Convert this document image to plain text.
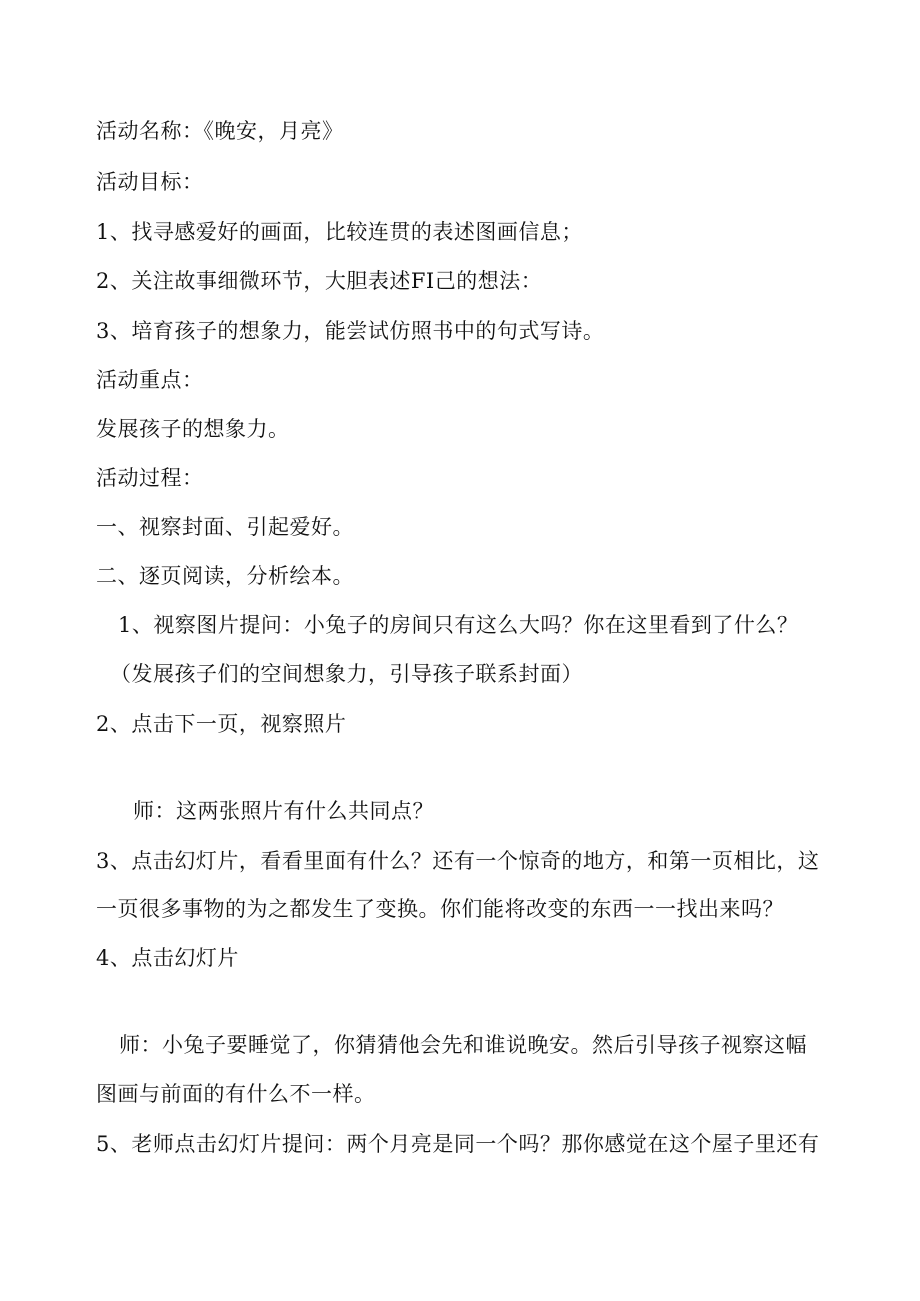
活动名称：《晚安，月亮》
活动目标：
1、找寻感爱好的画面，比较连贯的表述图画信息；
2、关注故事细微环节，大胆表述FI己的想法：
3、培育孩子的想象力，能尝试仿照书中的句式写诗。
活动重点：
发展孩子的想象力。
活动过程：
一、视察封面、引起爱好。
二、逐页阅读，分析绘本。
1、视察图片提问：小兔子的房间只有这么大吗？你在这里看到了什么？
（发展孩子们的空间想象力，引导孩子联系封面）
2、点击下一页，视察照片
师：这两张照片有什么共同点？
3、点击幻灯片，看看里面有什么？还有一个惊奇的地方，和第一页相比，这
一页很多事物的为之都发生了变换。你们能将改变的东西一一找出来吗？
4、点击幻灯片
师：小兔子要睡觉了，你猜猜他会先和谁说晚安。然后引导孩子视察这幅
图画与前面的有什么不一样。
5、老师点击幻灯片提问：两个月亮是同一个吗？那你感觉在这个屋子里还有
